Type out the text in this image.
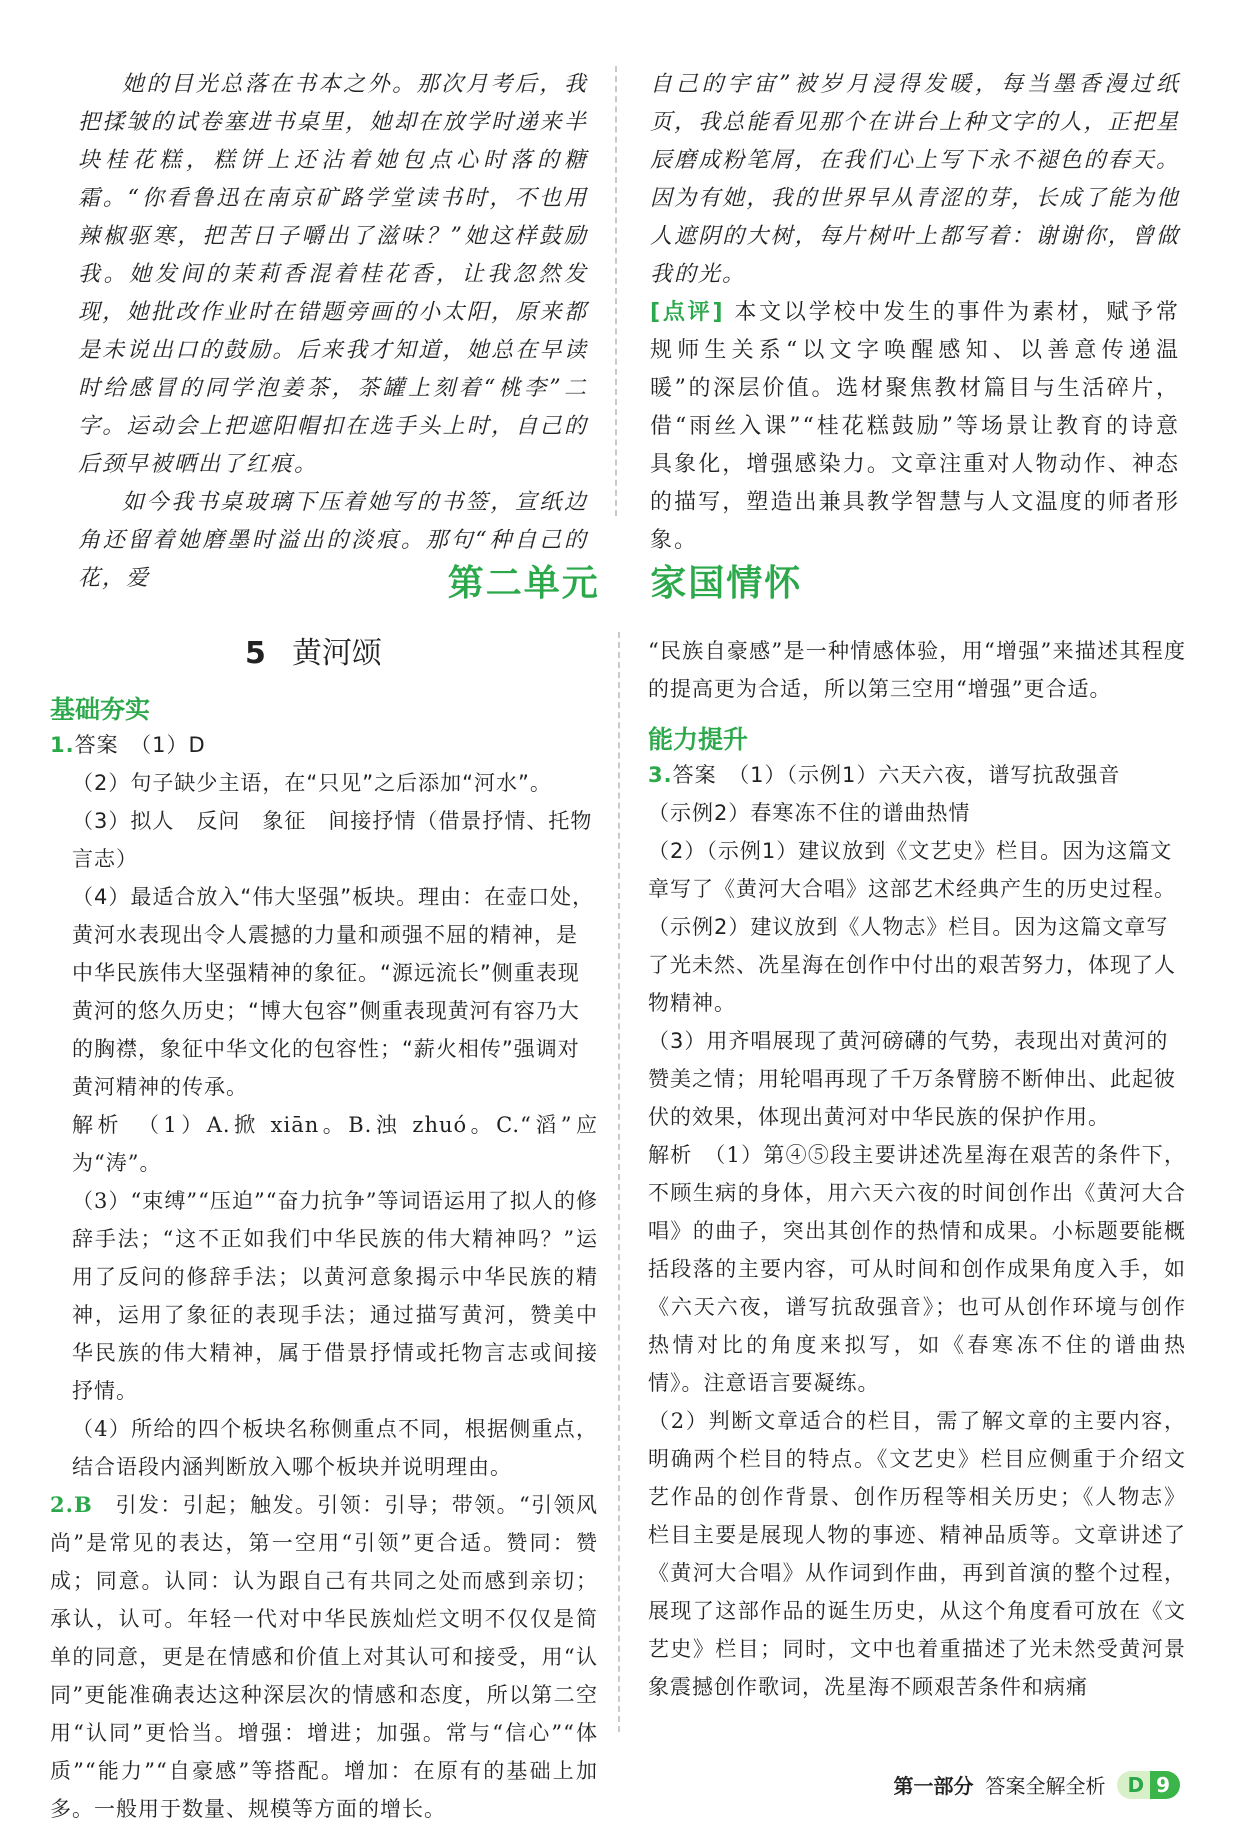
她的目光总落在书本之外。那次月考后，我把揉皱的试卷塞进书桌里，她却在放学时递来半块桂花糕，糕饼上还沾着她包点心时落的糖霜。“你看鲁迅在南京矿路学堂读书时，不也用辣椒驱寒，把苦日子嚼出了滋味？”她这样鼓励我。她发间的茉莉香混着桂花香，让我忽然发现，她批改作业时在错题旁画的小太阳，原来都是未说出口的鼓励。后来我才知道，她总在早读时给感冒的同学泡姜茶，茶罐上刻着“桃李”二字。运动会上把遮阳帽扣在选手头上时，自己的后颈早被晒出了红痕。

如今我书桌玻璃下压着她写的书签，宣纸边角还留着她磨墨时溢出的淡痕。那句“种自己的花，爱

自己的宇宙”被岁月浸得发暖，每当墨香漫过纸页，我总能看见那个在讲台上种文字的人，正把星辰磨成粉笔屑，在我们心上写下永不褪色的春天。因为有她，我的世界早从青涩的芽，长成了能为他人遮阴的大树，每片树叶上都写着：谢谢你，曾做我的光。

[点评] 本文以学校中发生的事件为素材，赋予常规师生关系“以文字唤醒感知、以善意传递温暖”的深层价值。选材聚焦教材篇目与生活碎片，借“雨丝入课”“桂花糕鼓励”等场景让教育的诗意具象化，增强感染力。文章注重对人物动作、神态的描写，塑造出兼具教学智慧与人文温度的师者形象。

第二单元 家国情怀
5 黄河颂

基础夯实

1.答案　 （1）D

（2）句子缺少主语，在“只见”之后添加“河水”。

（3）拟人　反问　象征　间接抒情（借景抒情、托物言志）

（4）最适合放入“伟大坚强”板块。理由：在壶口处，黄河水表现出令人震撼的力量和顽强不屈的精神，是中华民族伟大坚强精神的象征。“源远流长”侧重表现黄河的悠久历史；“博大包容”侧重表现黄河有容乃大的胸襟，象征中华文化的包容性；“薪火相传”强调对黄河精神的传承。

解析　 （1）A.掀 xiān。B.浊 zhuó。C.“滔”应为“涛”。

（3）“束缚”“压迫”“奋力抗争”等词语运用了拟人的修辞手法；“这不正如我们中华民族的伟大精神吗？”运用了反问的修辞手法；以黄河意象揭示中华民族的精神，运用了象征的表现手法；通过描写黄河，赞美中华民族的伟大精神，属于借景抒情或托物言志或间接抒情。

（4）所给的四个板块名称侧重点不同，根据侧重点，结合语段内涵判断放入哪个板块并说明理由。

2.B　 引发：引起；触发。引领：引导；带领。“引领风尚”是常见的表达，第一空用“引领”更合适。赞同：赞成；同意。认同：认为跟自己有共同之处而感到亲切；承认，认可。年轻一代对中华民族灿烂文明不仅仅是简单的同意，更是在情感和价值上对其认可和接受，用“认同”更能准确表达这种深层次的情感和态度，所以第二空用“认同”更恰当。增强：增进；加强。常与“信心”“体质”“能力”“自豪感”等搭配。增加：在原有的基础上加多。一般用于数量、规模等方面的增长。

“民族自豪感”是一种情感体验，用“增强”来描述其程度的提高更为合适，所以第三空用“增强”更合适。

能力提升

3.答案　 （1）（示例1）六天六夜，谱写抗敌强音

（示例2）春寒冻不住的谱曲热情

（2）（示例1）建议放到《文艺史》栏目。因为这篇文章写了《黄河大合唱》这部艺术经典产生的历史过程。

（示例2）建议放到《人物志》栏目。因为这篇文章写了光未然、冼星海在创作中付出的艰苦努力，体现了人物精神。

（3）用齐唱展现了黄河磅礴的气势，表现出对黄河的赞美之情；用轮唱再现了千万条臂膀不断伸出、此起彼伏的效果，体现出黄河对中华民族的保护作用。

解析　 （1）第④⑤段主要讲述冼星海在艰苦的条件下，不顾生病的身体，用六天六夜的时间创作出《黄河大合唱》的曲子，突出其创作的热情和成果。小标题要能概括段落的主要内容，可从时间和创作成果角度入手，如《六天六夜，谱写抗敌强音》；也可从创作环境与创作热情对比的角度来拟写，如《春寒冻不住的谱曲热情》。注意语言要凝练。

（2）判断文章适合的栏目，需了解文章的主要内容，明确两个栏目的特点。《文艺史》栏目应侧重于介绍文艺作品的创作背景、创作历程等相关历史；《人物志》栏目主要是展现人物的事迹、精神品质等。文章讲述了《黄河大合唱》从作词到作曲，再到首演的整个过程，展现了这部作品的诞生历史，从这个角度看可放在《文艺史》栏目；同时，文中也着重描述了光未然受黄河景象震撼创作歌词，冼星海不顾艰苦条件和病痛

第一部分 答案全解全析	D 9
